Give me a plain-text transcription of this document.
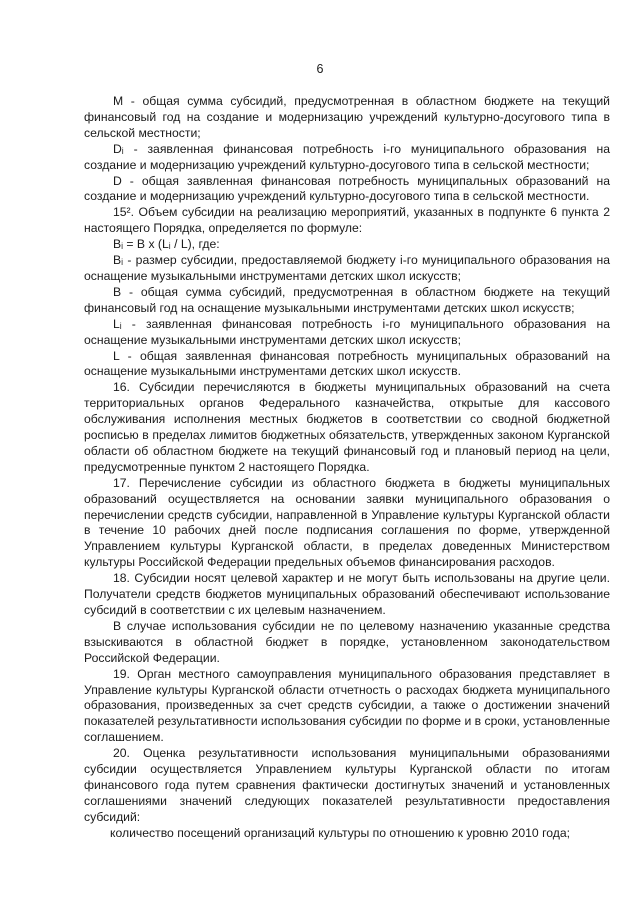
6

М - общая сумма субсидий, предусмотренная в областном бюджете на текущий финансовый год на создание и модернизацию учреждений культурно-досугового типа в сельской местности;

Dᵢ - заявленная финансовая потребность i-го муниципального образования на создание и модернизацию учреждений культурно-досугового типа в сельской местности;

D - общая заявленная финансовая потребность муниципальных образований на создание и модернизацию учреждений культурно-досугового типа в сельской местности.

15². Объем субсидии на реализацию мероприятий, указанных в подпункте 6 пункта 2 настоящего Порядка, определяется по формуле:

Bᵢ = B x (Lᵢ / L), где:

Bᵢ - размер субсидии, предоставляемой бюджету i-го муниципального образования на оснащение музыкальными инструментами детских школ искусств;

В - общая сумма субсидий, предусмотренная в областном бюджете на текущий финансовый год на оснащение музыкальными инструментами детских школ искусств;

Lᵢ - заявленная финансовая потребность i-го муниципального образования на оснащение музыкальными инструментами детских школ искусств;

L - общая заявленная финансовая потребность муниципальных образований на оснащение музыкальными инструментами детских школ искусств.

16. Субсидии перечисляются в бюджеты муниципальных образований на счета территориальных органов Федерального казначейства, открытые для кассового обслуживания исполнения местных бюджетов в соответствии со сводной бюджетной росписью в пределах лимитов бюджетных обязательств, утвержденных законом Курганской области об областном бюджете на текущий финансовый год и плановый период на цели, предусмотренные пунктом 2 настоящего Порядка.

17. Перечисление субсидии из областного бюджета в бюджеты муниципальных образований осуществляется на основании заявки муниципального образования о перечислении средств субсидии, направленной в Управление культуры Курганской области в течение 10 рабочих дней после подписания соглашения по форме, утвержденной Управлением культуры Курганской области, в пределах доведенных Министерством культуры Российской Федерации предельных объемов финансирования расходов.

18. Субсидии носят целевой характер и не могут быть использованы на другие цели. Получатели средств бюджетов муниципальных образований обеспечивают использование субсидий в соответствии с их целевым назначением.

В случае использования субсидии не по целевому назначению указанные средства взыскиваются в областной бюджет в порядке, установленном законодательством Российской Федерации.

19. Орган местного самоуправления муниципального образования представляет в Управление культуры Курганской области отчетность о расходах бюджета муниципального образования, произведенных за счет средств субсидии, а также о достижении значений показателей результативности использования субсидии по форме и в сроки, установленные соглашением.

20. Оценка результативности использования муниципальными образованиями субсидии осуществляется Управлением культуры Курганской области по итогам финансового года путем сравнения фактически достигнутых значений и установленных соглашениями значений следующих показателей результативности предоставления субсидий:

количество посещений организаций культуры по отношению к уровню 2010 года;
